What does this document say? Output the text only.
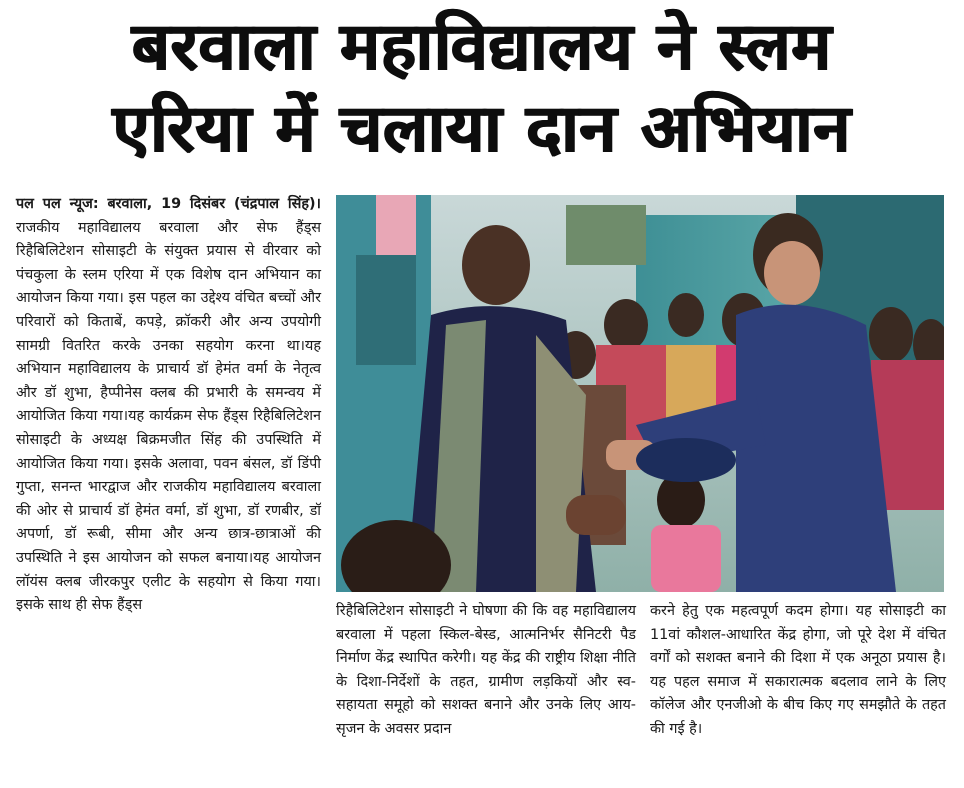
बरवाला महाविद्यालय ने स्लम
एरिया में चलाया दान अभियान
पल पल न्यूज: बरवाला, 19 दिसंबर (चंद्रपाल सिंह)। राजकीय महाविद्यालय बरवाला और सेफ हैंड्स रिहैबिलिटेशन सोसाइटी के संयुक्त प्रयास से वीरवार को पंचकुला के स्लम एरिया में एक विशेष दान अभियान का आयोजन किया गया। इस पहल का उद्देश्य वंचित बच्चों और परिवारों को किताबें, कपड़े, क्रॉकरी और अन्य उपयोगी सामग्री वितरित करके उनका सहयोग करना था।यह अभियान महाविद्यालय के प्राचार्य डॉ हेमंत वर्मा के नेतृत्व और डॉ शुभा, हैप्पीनेस क्लब की प्रभारी के समन्वय में आयोजित किया गया।यह कार्यक्रम सेफ हैंड्स रिहैबिलिटेशन सोसाइटी के अध्यक्ष बिक्रमजीत सिंह की उपस्थिति में आयोजित किया गया। इसके अलावा, पवन बंसल, डॉ डिंपी गुप्ता, सनन्त भारद्वाज और राजकीय महाविद्यालय बरवाला की ओर से प्राचार्य डॉ हेमंत वर्मा, डॉ शुभा, डॉ रणबीर, डॉ अपर्णा, डॉ रूबी, सीमा और अन्य छात्र-छात्राओं की उपस्थिति ने इस आयोजन को सफल बनाया।यह आयोजन लॉयंस क्लब जीरकपुर एलीट के सहयोग से किया गया। इसके साथ ही सेफ हैंड्स	रिहैबिलिटेशन सोसाइटी ने घोषणा की कि वह महाविद्यालय बरवाला में पहला स्किल-बेस्ड, आत्मनिर्भर सैनिटरी पैड निर्माण केंद्र स्थापित करेगी। यह केंद्र की राष्ट्रीय शिक्षा नीति के दिशा-निर्देशों के तहत, ग्रामीण लड़कियों और स्व-सहायता समूहो को सशक्त बनाने और उनके लिए आय-सृजन के अवसर प्रदान
करने हेतु एक महत्वपूर्ण कदम होगा। यह सोसाइटी का 11वां कौशल-आधारित केंद्र होगा, जो पूरे देश में वंचित वर्गों को सशक्त बनाने की दिशा में एक अनूठा प्रयास है।यह पहल समाज में सकारात्मक बदलाव लाने के लिए कॉलेज और एनजीओ के बीच किए गए समझौते के तहत की गई है।
